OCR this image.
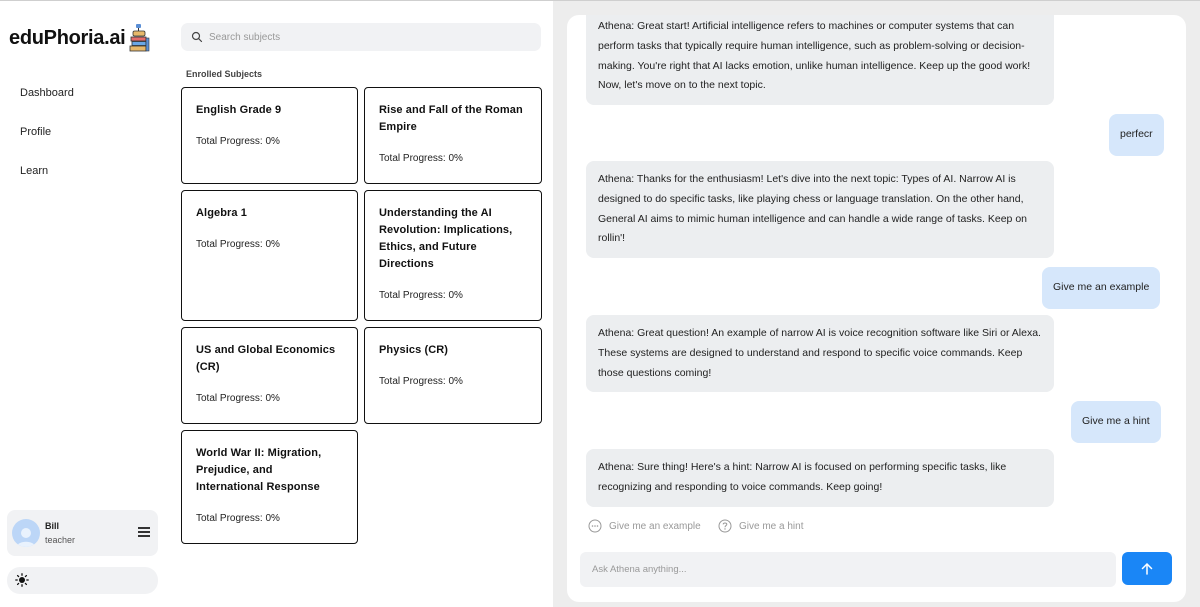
eduPhoria.ai
Dashboard
Profile
Learn
Bill
teacher
Search subjects
Enrolled Subjects
English Grade 9
Total Progress: 0%
Rise and Fall of the Roman Empire
Total Progress: 0%
Algebra 1
Total Progress: 0%
Understanding the AI Revolution: Implications, Ethics, and Future Directions
Total Progress: 0%
US and Global Economics (CR)
Total Progress: 0%
Physics (CR)
Total Progress: 0%
World War II: Migration, Prejudice, and International Response
Total Progress: 0%
Athena: Great start! Artificial intelligence refers to machines or computer systems that can perform tasks that typically require human intelligence, such as problem-solving or decision-making. You're right that AI lacks emotion, unlike human intelligence. Keep up the good work! Now, let's move on to the next topic.
perfecr
Athena: Thanks for the enthusiasm! Let's dive into the next topic: Types of AI. Narrow AI is designed to do specific tasks, like playing chess or language translation. On the other hand, General AI aims to mimic human intelligence and can handle a wide range of tasks. Keep on rollin'!
Give me an example
Athena: Great question! An example of narrow AI is voice recognition software like Siri or Alexa. These systems are designed to understand and respond to specific voice commands. Keep those questions coming!
Give me a hint
Athena: Sure thing! Here's a hint: Narrow AI is focused on performing specific tasks, like recognizing and responding to voice commands. Keep going!
Give me an example	Give me a hint
Ask Athena anything...
